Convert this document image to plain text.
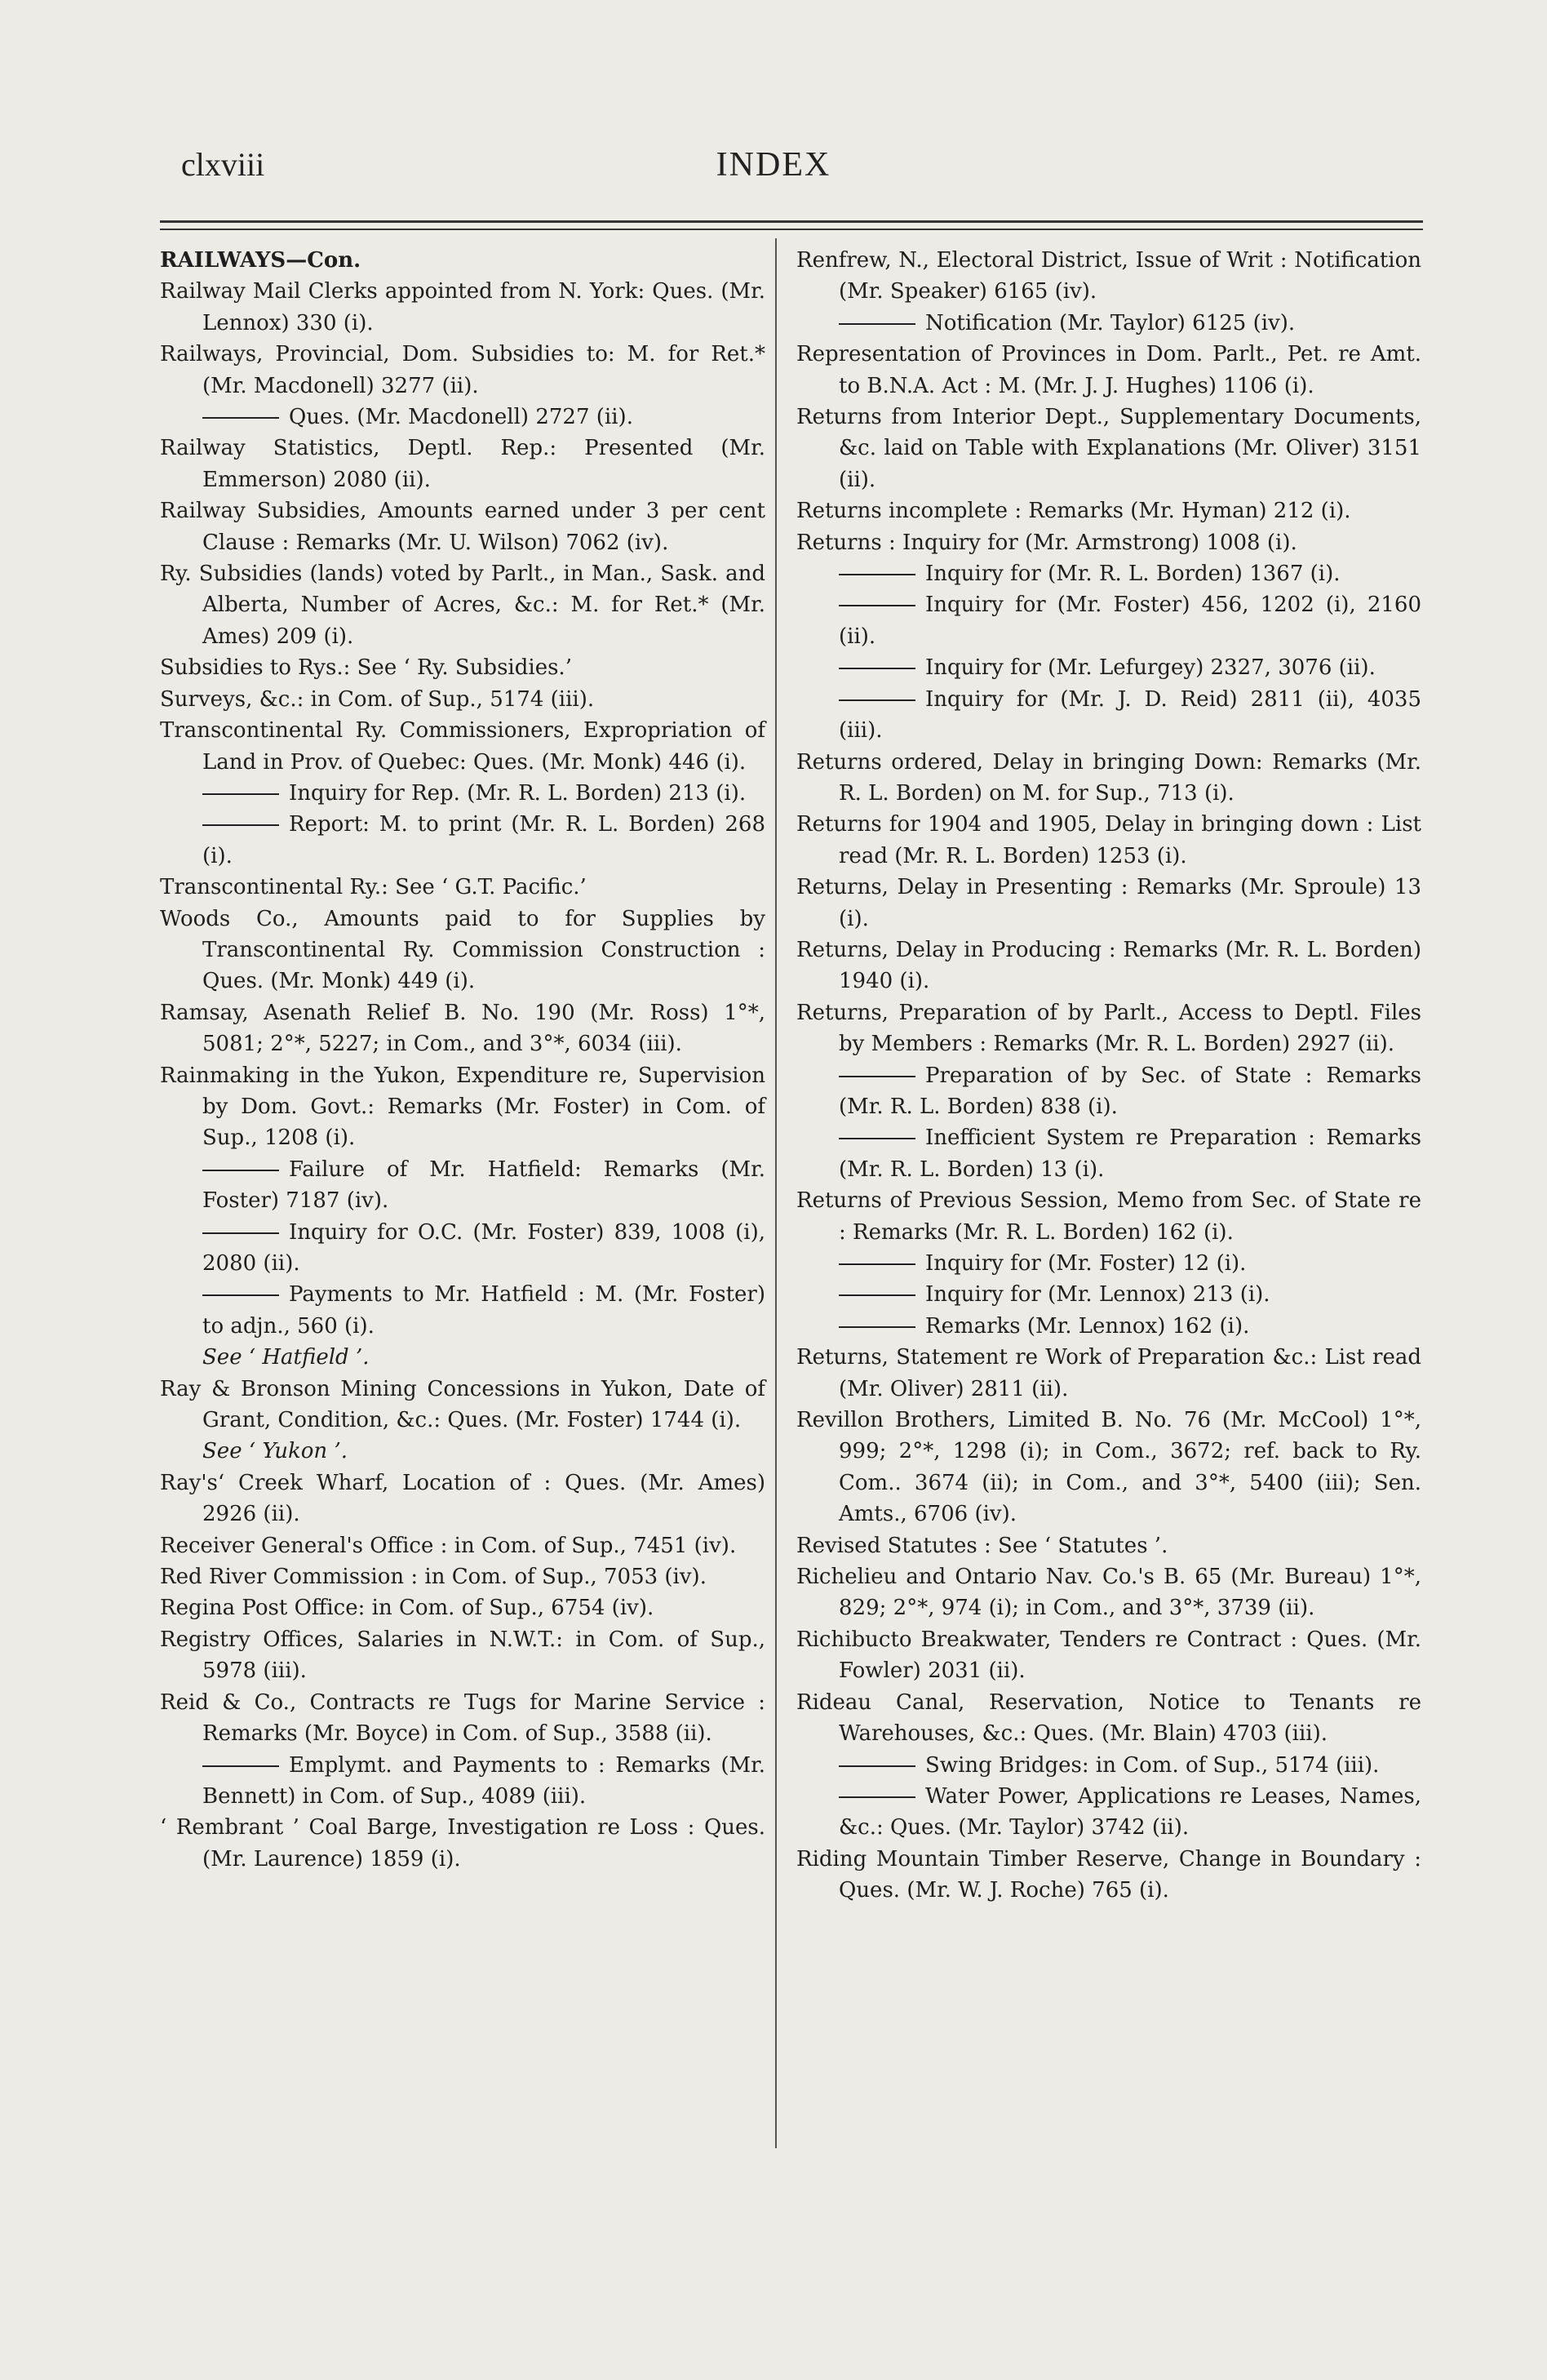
clxviii	INDEX

RAILWAYS—Con.

Railway Mail Clerks appointed from N. York: Ques. (Mr. Lennox) 330 (i).

Railways, Provincial, Dom. Subsidies to: M. for Ret.* (Mr. Macdonell) 3277 (ii).

Ques. (Mr. Macdonell) 2727 (ii).

Railway Statistics, Deptl. Rep.: Presented (Mr. Emmerson) 2080 (ii).

Railway Subsidies, Amounts earned under 3 per cent Clause : Remarks (Mr. U. Wilson) 7062 (iv).

Ry. Subsidies (lands) voted by Parlt., in Man., Sask. and Alberta, Number of Acres, &c.: M. for Ret.* (Mr. Ames) 209 (i).

Subsidies to Rys.: See ‘ Ry. Subsidies.’

Surveys, &c.: in Com. of Sup., 5174 (iii).

Transcontinental Ry. Commissioners, Expropriation of Land in Prov. of Quebec: Ques. (Mr. Monk) 446 (i).

Inquiry for Rep. (Mr. R. L. Borden) 213 (i).

Report: M. to print (Mr. R. L. Borden) 268 (i).

Transcontinental Ry.: See ‘ G.T. Pacific.’

Woods Co., Amounts paid to for Supplies by Transcontinental Ry. Commission Construction : Ques. (Mr. Monk) 449 (i).

Ramsay, Asenath Relief B. No. 190 (Mr. Ross) 1°*, 5081; 2°*, 5227; in Com., and 3°*, 6034 (iii).

Rainmaking in the Yukon, Expenditure re, Supervision by Dom. Govt.: Remarks (Mr. Foster) in Com. of Sup., 1208 (i).

Failure of Mr. Hatfield: Remarks (Mr. Foster) 7187 (iv).

Inquiry for O.C. (Mr. Foster) 839, 1008 (i), 2080 (ii).

Payments to Mr. Hatfield : M. (Mr. Foster) to adjn., 560 (i).

See ‘ Hatfield ’.

Ray & Bronson Mining Concessions in Yukon, Date of Grant, Condition, &c.: Ques. (Mr. Foster) 1744 (i).

See ‘ Yukon ’.

Ray's‘ Creek Wharf, Location of : Ques. (Mr. Ames) 2926 (ii).

Receiver General's Office : in Com. of Sup., 7451 (iv).

Red River Commission : in Com. of Sup., 7053 (iv).

Regina Post Office: in Com. of Sup., 6754 (iv).

Registry Offices, Salaries in N.W.T.: in Com. of Sup., 5978 (iii).

Reid & Co., Contracts re Tugs for Marine Service : Remarks (Mr. Boyce) in Com. of Sup., 3588 (ii).

Emplymt. and Payments to : Remarks (Mr. Bennett) in Com. of Sup., 4089 (iii).

‘ Rembrant ’ Coal Barge, Investigation re Loss : Ques. (Mr. Laurence) 1859 (i).

Renfrew, N., Electoral District, Issue of Writ : Notification (Mr. Speaker) 6165 (iv).

Notification (Mr. Taylor) 6125 (iv).

Representation of Provinces in Dom. Parlt., Pet. re Amt. to B.N.A. Act : M. (Mr. J. J. Hughes) 1106 (i).

Returns from Interior Dept., Supplementary Documents, &c. laid on Table with Explanations (Mr. Oliver) 3151 (ii).

Returns incomplete : Remarks (Mr. Hyman) 212 (i).

Returns : Inquiry for (Mr. Armstrong) 1008 (i).

Inquiry for (Mr. R. L. Borden) 1367 (i).

Inquiry for (Mr. Foster) 456, 1202 (i), 2160 (ii).

Inquiry for (Mr. Lefurgey) 2327, 3076 (ii).

Inquiry for (Mr. J. D. Reid) 2811 (ii), 4035 (iii).

Returns ordered, Delay in bringing Down: Remarks (Mr. R. L. Borden) on M. for Sup., 713 (i).

Returns for 1904 and 1905, Delay in bringing down : List read (Mr. R. L. Borden) 1253 (i).

Returns, Delay in Presenting : Remarks (Mr. Sproule) 13 (i).

Returns, Delay in Producing : Remarks (Mr. R. L. Borden) 1940 (i).

Returns, Preparation of by Parlt., Access to Deptl. Files by Members : Remarks (Mr. R. L. Borden) 2927 (ii).

Preparation of by Sec. of State : Remarks (Mr. R. L. Borden) 838 (i).

Inefficient System re Preparation : Remarks (Mr. R. L. Borden) 13 (i).

Returns of Previous Session, Memo from Sec. of State re : Remarks (Mr. R. L. Borden) 162 (i).

Inquiry for (Mr. Foster) 12 (i).

Inquiry for (Mr. Lennox) 213 (i).

Remarks (Mr. Lennox) 162 (i).

Returns, Statement re Work of Preparation &c.: List read (Mr. Oliver) 2811 (ii).

Revillon Brothers, Limited B. No. 76 (Mr. McCool) 1°*, 999; 2°*, 1298 (i); in Com., 3672; ref. back to Ry. Com.. 3674 (ii); in Com., and 3°*, 5400 (iii); Sen. Amts., 6706 (iv).

Revised Statutes : See ‘ Statutes ’.

Richelieu and Ontario Nav. Co.'s B. 65 (Mr. Bureau) 1°*, 829; 2°*, 974 (i); in Com., and 3°*, 3739 (ii).

Richibucto Breakwater, Tenders re Contract : Ques. (Mr. Fowler) 2031 (ii).

Rideau Canal, Reservation, Notice to Tenants re Warehouses, &c.: Ques. (Mr. Blain) 4703 (iii).

Swing Bridges: in Com. of Sup., 5174 (iii).

Water Power, Applications re Leases, Names, &c.: Ques. (Mr. Taylor) 3742 (ii).

Riding Mountain Timber Reserve, Change in Boundary : Ques. (Mr. W. J. Roche) 765 (i).
